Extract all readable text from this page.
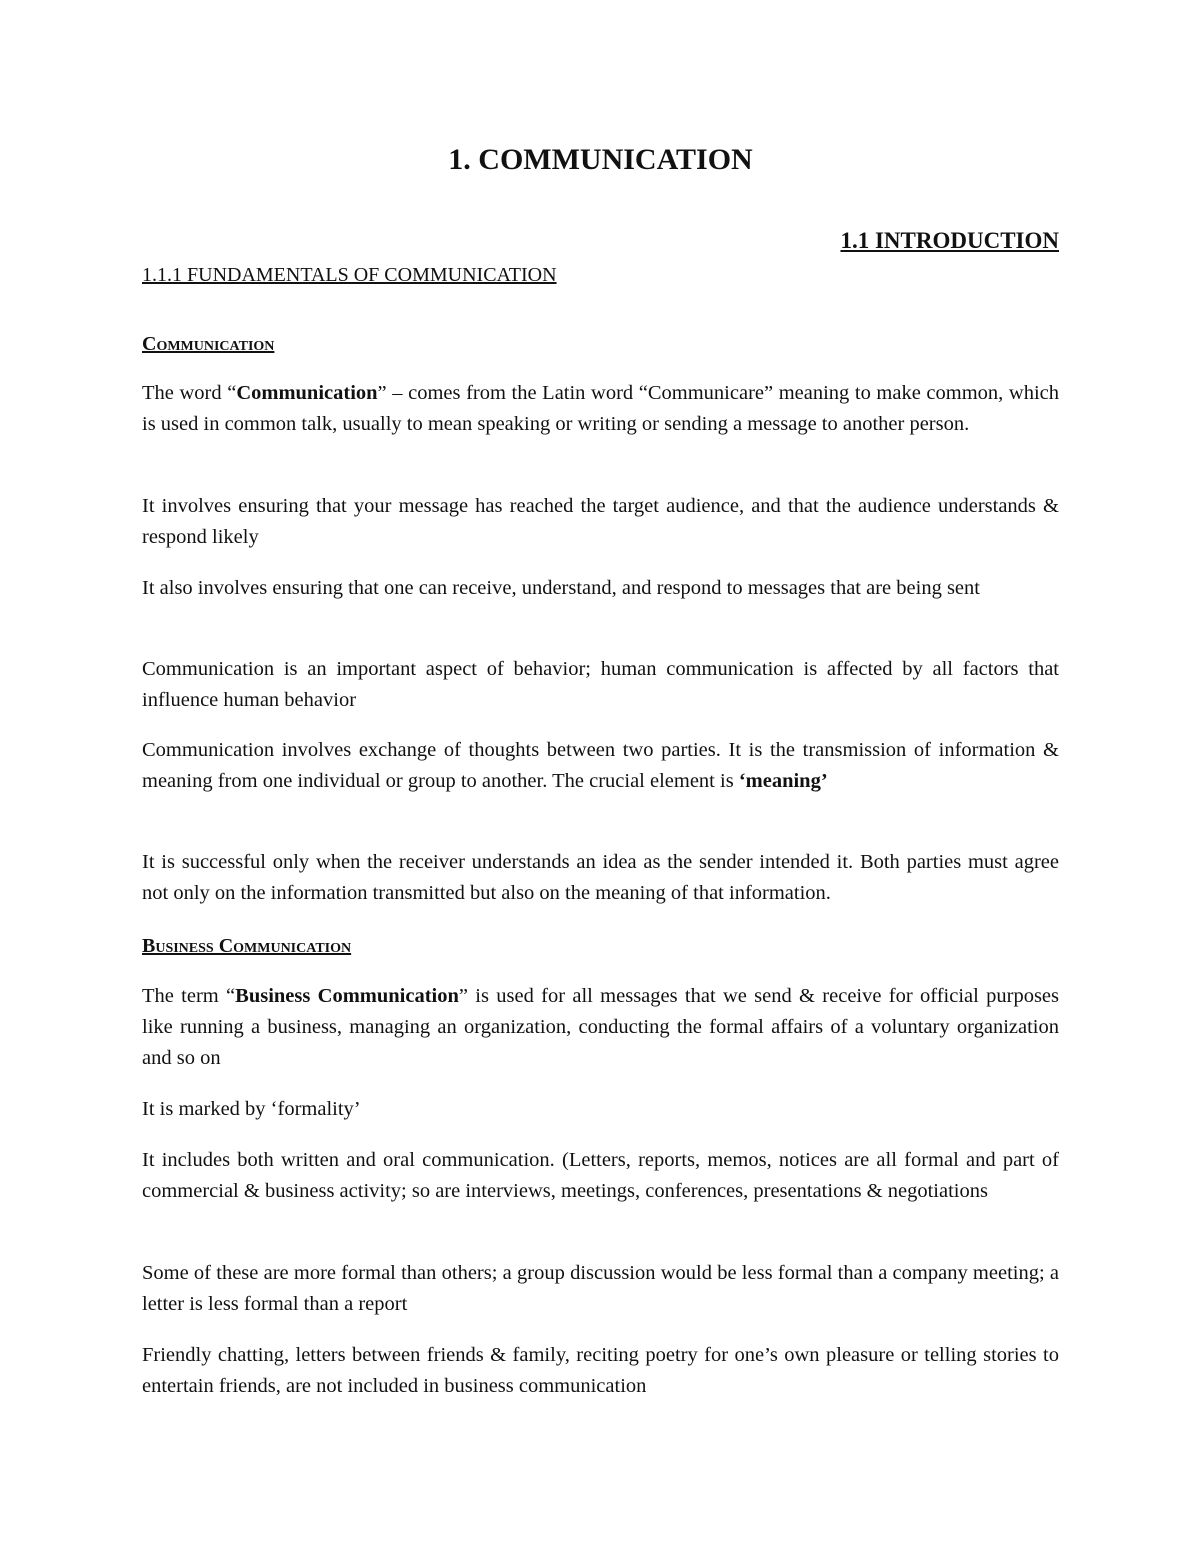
1. COMMUNICATION
1.1 INTRODUCTION
1.1.1 FUNDAMENTALS OF COMMUNICATION
Communication

The word “Communication” – comes from the Latin word “Communicare” meaning to make common, which is used in common talk, usually to mean speaking or writing or sending a message to another person.

It involves ensuring that your message has reached the target audience, and that the audience understands & respond likely

It also involves ensuring that one can receive, understand, and respond to messages that are being sent

Communication is an important aspect of behavior; human communication is affected by all factors that influence human behavior

Communication involves exchange of thoughts between two parties. It is the transmission of information & meaning from one individual or group to another. The crucial element is ‘meaning’

It is successful only when the receiver understands an idea as the sender intended it. Both parties must agree not only on the information transmitted but also on the meaning of that information.

Business Communication

The term “Business Communication” is used for all messages that we send & receive for official purposes like running a business, managing an organization, conducting the formal affairs of a voluntary organization and so on

It is marked by ‘formality’

It includes both written and oral communication. (Letters, reports, memos, notices are all formal and part of commercial & business activity; so are interviews, meetings, conferences, presentations & negotiations

Some of these are more formal than others; a group discussion would be less formal than a company meeting; a letter is less formal than a report

Friendly chatting, letters between friends & family, reciting poetry for one’s own pleasure or telling stories to entertain friends, are not included in business communication
